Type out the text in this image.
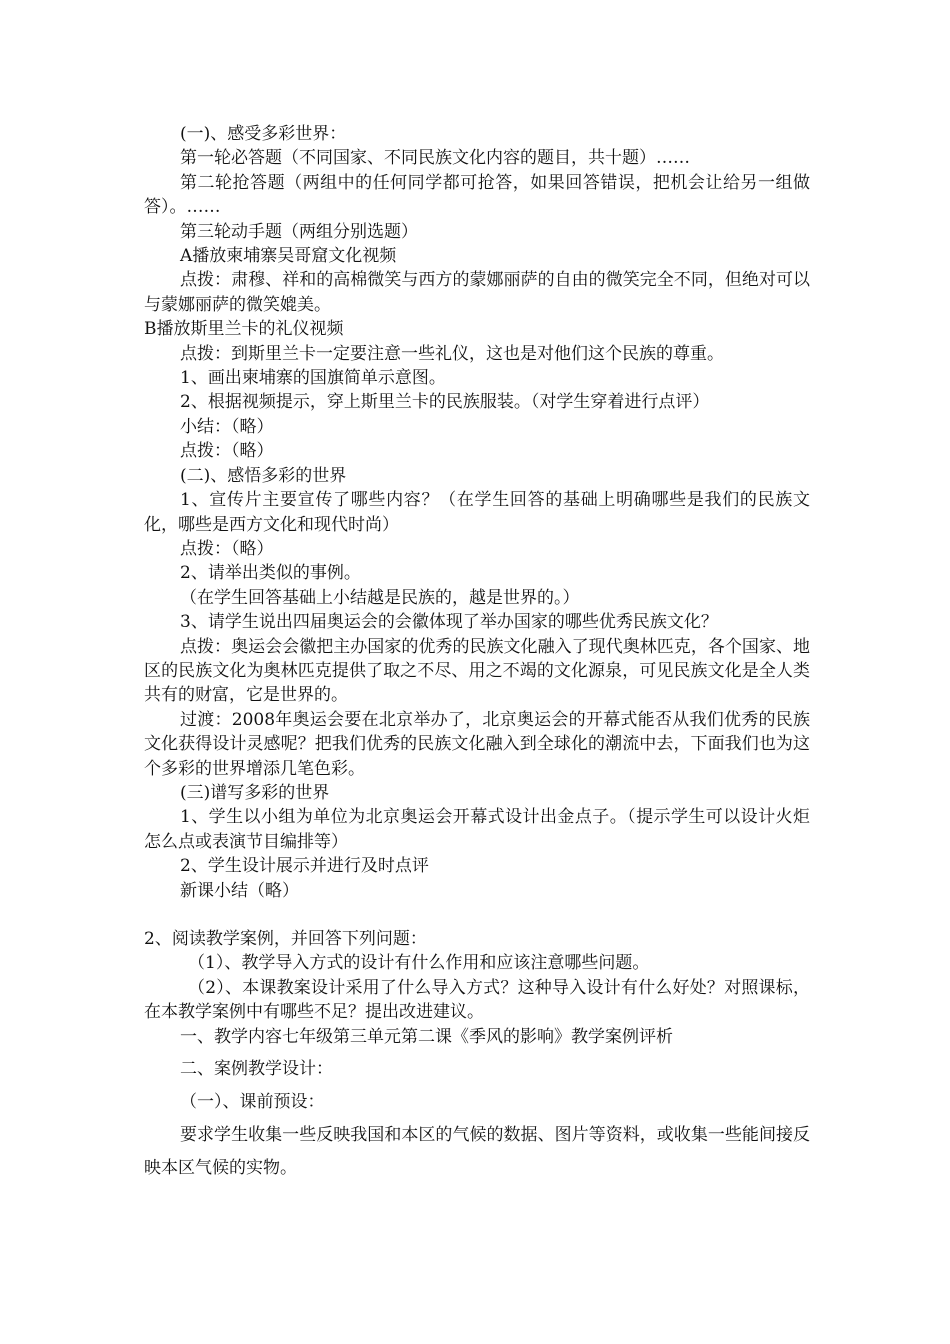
(一)、感受多彩世界：

第一轮必答题（不同国家、不同民族文化内容的题目，共十题）……

第二轮抢答题（两组中的任何同学都可抢答，如果回答错误，把机会让给另一组做答）。……

第三轮动手题（两组分别选题）

A播放柬埔寨吴哥窟文化视频

点拨：肃穆、祥和的高棉微笑与西方的蒙娜丽萨的自由的微笑完全不同，但绝对可以与蒙娜丽萨的微笑媲美。

B播放斯里兰卡的礼仪视频

点拨：到斯里兰卡一定要注意一些礼仪，这也是对他们这个民族的尊重。

1、画出柬埔寨的国旗简单示意图。

2、根据视频提示，穿上斯里兰卡的民族服装。（对学生穿着进行点评）

小结：（略）

点拨：（略）

(二)、感悟多彩的世界

1、宣传片主要宣传了哪些内容？（在学生回答的基础上明确哪些是我们的民族文化，哪些是西方文化和现代时尚）

点拨：（略）

2、请举出类似的事例。

（在学生回答基础上小结越是民族的，越是世界的。）

3、请学生说出四届奥运会的会徽体现了举办国家的哪些优秀民族文化？

点拨：奥运会会徽把主办国家的优秀的民族文化融入了现代奥林匹克，各个国家、地区的民族文化为奥林匹克提供了取之不尽、用之不竭的文化源泉，可见民族文化是全人类共有的财富，它是世界的。

过渡：2008年奥运会要在北京举办了，北京奥运会的开幕式能否从我们优秀的民族文化获得设计灵感呢？把我们优秀的民族文化融入到全球化的潮流中去，下面我们也为这个多彩的世界增添几笔色彩。

(三)谱写多彩的世界

1、学生以小组为单位为北京奥运会开幕式设计出金点子。（提示学生可以设计火炬怎么点或表演节目编排等）

2、学生设计展示并进行及时点评

新课小结（略）

2、阅读教学案例，并回答下列问题：

（1）、教学导入方式的设计有什么作用和应该注意哪些问题。

（2）、本课教案设计采用了什么导入方式？这种导入设计有什么好处？对照课标，在本教学案例中有哪些不足？提出改进建议。

一、教学内容七年级第三单元第二课《季风的影响》教学案例评析

二、案例教学设计：

（一）、课前预设：

要求学生收集一些反映我国和本区的气候的数据、图片等资料，或收集一些能间接反映本区气候的实物。
